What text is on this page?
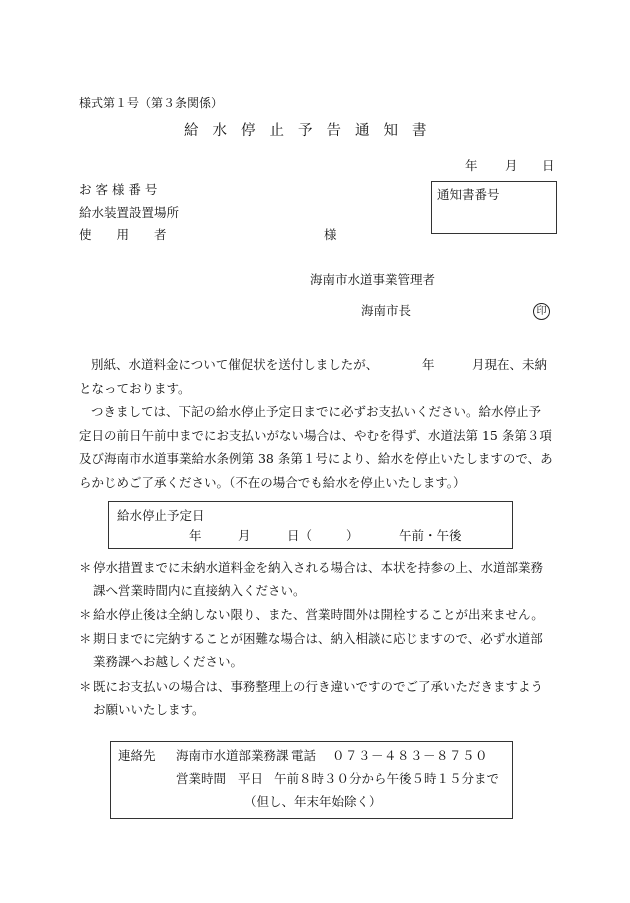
様式第１号（第３条関係）
給水停止予告通知書
年 月 日
お 客 様 番 号
給水装置設置場所
使　　用　　者	様
通知書番号
海南市水道事業管理者
海南市長	印
別紙、水道料金について催促状を送付しましたが、　　　　年　　　月現在、未納となっております。
つきましては、下記の給水停止予定日までに必ずお支払いください。給水停止予定日の前日午前中までにお支払いがない場合は、やむを得ず、水道法第 15 条第３項及び海南市水道事業給水条例第 38 条第１号により、給水を停止いたしますので、あらかじめご了承ください。（不在の場合でも給水を停止いたします。）
給水停止予定日
年	月	日（	）	午前・午後
＊ 停水措置までに未納水道料金を納入される場合は、本状を持参の上、水道部業務課へ営業時間内に直接納入ください。
＊ 給水停止後は全納しない限り、また、営業時間外は開栓することが出来ません。
＊ 期日までに完納することが困難な場合は、納入相談に応じますので、必ず水道部業務課へお越しください。
＊ 既にお支払いの場合は、事務整理上の行き違いですのでご了承いただきますようお願いいたします。
連絡先 海南市水道部業務課 電話 ０７３－４８３－８７５０
営業時間 平日 午前８時３０分から午後５時１５分まで
（但し、年末年始除く）
